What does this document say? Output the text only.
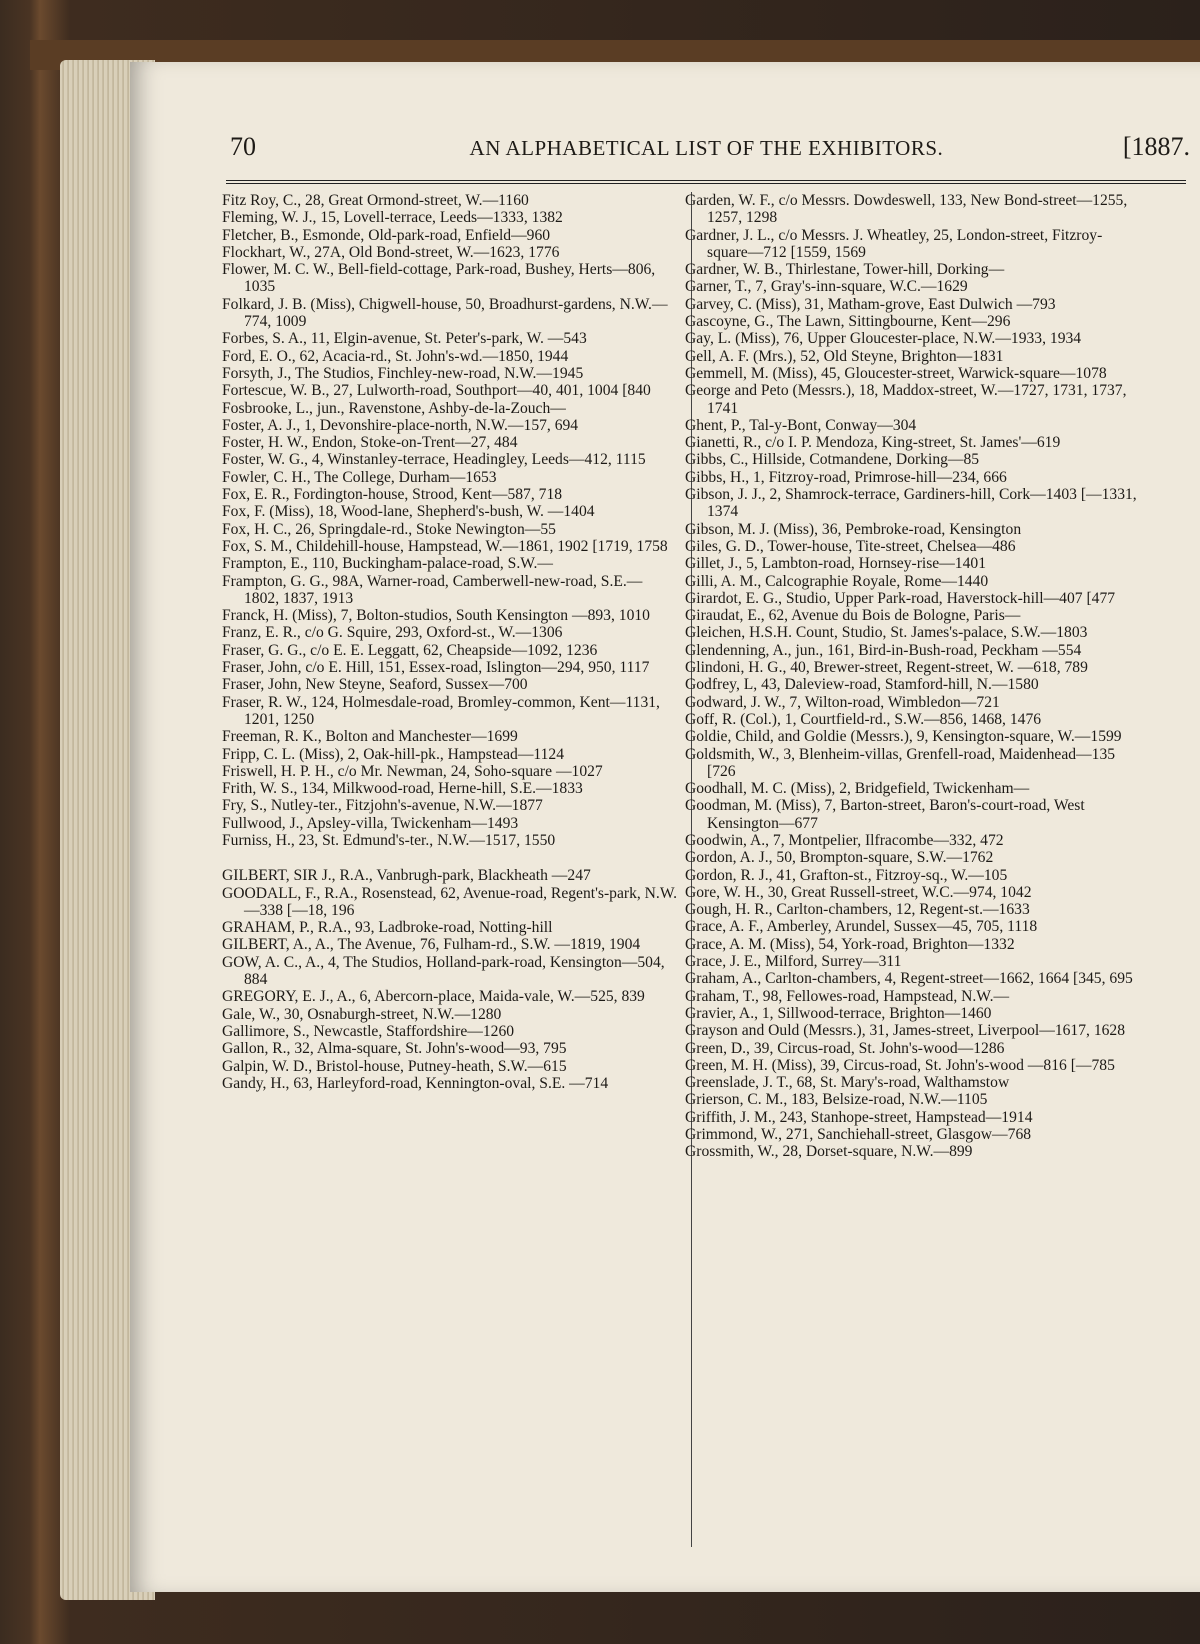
70	AN ALPHABETICAL LIST OF THE EXHIBITORS.	[1887.

Fitz Roy, C., 28, Great Ormond-street, W.—1160

Fleming, W. J., 15, Lovell-terrace, Leeds—1333, 1382

Fletcher, B., Esmonde, Old-park-road, Enfield—960

Flockhart, W., 27A, Old Bond-street, W.—1623, 1776

Flower, M. C. W., Bell-field-cottage, Park-road, Bushey, Herts—806, 1035

Folkard, J. B. (Miss), Chigwell-house, 50, Broadhurst-gardens, N.W.—774, 1009

Forbes, S. A., 11, Elgin-avenue, St. Peter's-park, W. —543

Ford, E. O., 62, Acacia-rd., St. John's-wd.—1850, 1944

Forsyth, J., The Studios, Finchley-new-road, N.W.—1945

Fortescue, W. B., 27, Lulworth-road, Southport—40, 401, 1004 [840

Fosbrooke, L., jun., Ravenstone, Ashby-de-la-Zouch—

Foster, A. J., 1, Devonshire-place-north, N.W.—157, 694

Foster, H. W., Endon, Stoke-on-Trent—27, 484

Foster, W. G., 4, Winstanley-terrace, Headingley, Leeds—412, 1115

Fowler, C. H., The College, Durham—1653

Fox, E. R., Fordington-house, Strood, Kent—587, 718

Fox, F. (Miss), 18, Wood-lane, Shepherd's-bush, W. —1404

Fox, H. C., 26, Springdale-rd., Stoke Newington—55

Fox, S. M., Childehill-house, Hampstead, W.—1861, 1902 [1719, 1758

Frampton, E., 110, Buckingham-palace-road, S.W.—

Frampton, G. G., 98A, Warner-road, Camberwell-new-road, S.E.—1802, 1837, 1913

Franck, H. (Miss), 7, Bolton-studios, South Kensington —893, 1010

Franz, E. R., c/o G. Squire, 293, Oxford-st., W.—1306

Fraser, G. G., c/o E. E. Leggatt, 62, Cheapside—1092, 1236

Fraser, John, c/o E. Hill, 151, Essex-road, Islington—294, 950, 1117

Fraser, John, New Steyne, Seaford, Sussex—700

Fraser, R. W., 124, Holmesdale-road, Bromley-common, Kent—1131, 1201, 1250

Freeman, R. K., Bolton and Manchester—1699

Fripp, C. L. (Miss), 2, Oak-hill-pk., Hampstead—1124

Friswell, H. P. H., c/o Mr. Newman, 24, Soho-square —1027

Frith, W. S., 134, Milkwood-road, Herne-hill, S.E.—1833

Fry, S., Nutley-ter., Fitzjohn's-avenue, N.W.—1877

Fullwood, J., Apsley-villa, Twickenham—1493

Furniss, H., 23, St. Edmund's-ter., N.W.—1517, 1550

GILBERT, SIR J., R.A., Vanbrugh-park, Blackheath —247

GOODALL, F., R.A., Rosenstead, 62, Avenue-road, Regent's-park, N.W.—338 [—18, 196

GRAHAM, P., R.A., 93, Ladbroke-road, Notting-hill

GILBERT, A., A., The Avenue, 76, Fulham-rd., S.W. —1819, 1904

GOW, A. C., A., 4, The Studios, Holland-park-road, Kensington—504, 884

GREGORY, E. J., A., 6, Abercorn-place, Maida-vale, W.—525, 839

Gale, W., 30, Osnaburgh-street, N.W.—1280

Gallimore, S., Newcastle, Staffordshire—1260

Gallon, R., 32, Alma-square, St. John's-wood—93, 795

Galpin, W. D., Bristol-house, Putney-heath, S.W.—615

Gandy, H., 63, Harleyford-road, Kennington-oval, S.E. —714

Garden, W. F., c/o Messrs. Dowdeswell, 133, New Bond-street—1255, 1257, 1298

Gardner, J. L., c/o Messrs. J. Wheatley, 25, London-street, Fitzroy-square—712 [1559, 1569

Gardner, W. B., Thirlestane, Tower-hill, Dorking—

Garner, T., 7, Gray's-inn-square, W.C.—1629

Garvey, C. (Miss), 31, Matham-grove, East Dulwich —793

Gascoyne, G., The Lawn, Sittingbourne, Kent—296

Gay, L. (Miss), 76, Upper Gloucester-place, N.W.—1933, 1934

Gell, A. F. (Mrs.), 52, Old Steyne, Brighton—1831

Gemmell, M. (Miss), 45, Gloucester-street, Warwick-square—1078

George and Peto (Messrs.), 18, Maddox-street, W.—1727, 1731, 1737, 1741

Ghent, P., Tal-y-Bont, Conway—304

Gianetti, R., c/o I. P. Mendoza, King-street, St. James'—619

Gibbs, C., Hillside, Cotmandene, Dorking—85

Gibbs, H., 1, Fitzroy-road, Primrose-hill—234, 666

Gibson, J. J., 2, Shamrock-terrace, Gardiners-hill, Cork—1403 [—1331, 1374

Gibson, M. J. (Miss), 36, Pembroke-road, Kensington

Giles, G. D., Tower-house, Tite-street, Chelsea—486

Gillet, J., 5, Lambton-road, Hornsey-rise—1401

Gilli, A. M., Calcographie Royale, Rome—1440

Girardot, E. G., Studio, Upper Park-road, Haverstock-hill—407 [477

Giraudat, E., 62, Avenue du Bois de Bologne, Paris—

Gleichen, H.S.H. Count, Studio, St. James's-palace, S.W.—1803

Glendenning, A., jun., 161, Bird-in-Bush-road, Peckham —554

Glindoni, H. G., 40, Brewer-street, Regent-street, W. —618, 789

Godfrey, L, 43, Daleview-road, Stamford-hill, N.—1580

Godward, J. W., 7, Wilton-road, Wimbledon—721

Goff, R. (Col.), 1, Courtfield-rd., S.W.—856, 1468, 1476

Goldie, Child, and Goldie (Messrs.), 9, Kensington-square, W.—1599

Goldsmith, W., 3, Blenheim-villas, Grenfell-road, Maidenhead—135 [726

Goodhall, M. C. (Miss), 2, Bridgefield, Twickenham—

Goodman, M. (Miss), 7, Barton-street, Baron's-court-road, West Kensington—677

Goodwin, A., 7, Montpelier, Ilfracombe—332, 472

Gordon, A. J., 50, Brompton-square, S.W.—1762

Gordon, R. J., 41, Grafton-st., Fitzroy-sq., W.—105

Gore, W. H., 30, Great Russell-street, W.C.—974, 1042

Gough, H. R., Carlton-chambers, 12, Regent-st.—1633

Grace, A. F., Amberley, Arundel, Sussex—45, 705, 1118

Grace, A. M. (Miss), 54, York-road, Brighton—1332

Grace, J. E., Milford, Surrey—311

Graham, A., Carlton-chambers, 4, Regent-street—1662, 1664 [345, 695

Graham, T., 98, Fellowes-road, Hampstead, N.W.—

Gravier, A., 1, Sillwood-terrace, Brighton—1460

Grayson and Ould (Messrs.), 31, James-street, Liverpool—1617, 1628

Green, D., 39, Circus-road, St. John's-wood—1286

Green, M. H. (Miss), 39, Circus-road, St. John's-wood —816 [—785

Greenslade, J. T., 68, St. Mary's-road, Walthamstow

Grierson, C. M., 183, Belsize-road, N.W.—1105

Griffith, J. M., 243, Stanhope-street, Hampstead—1914

Grimmond, W., 271, Sanchiehall-street, Glasgow—768

Grossmith, W., 28, Dorset-square, N.W.—899
